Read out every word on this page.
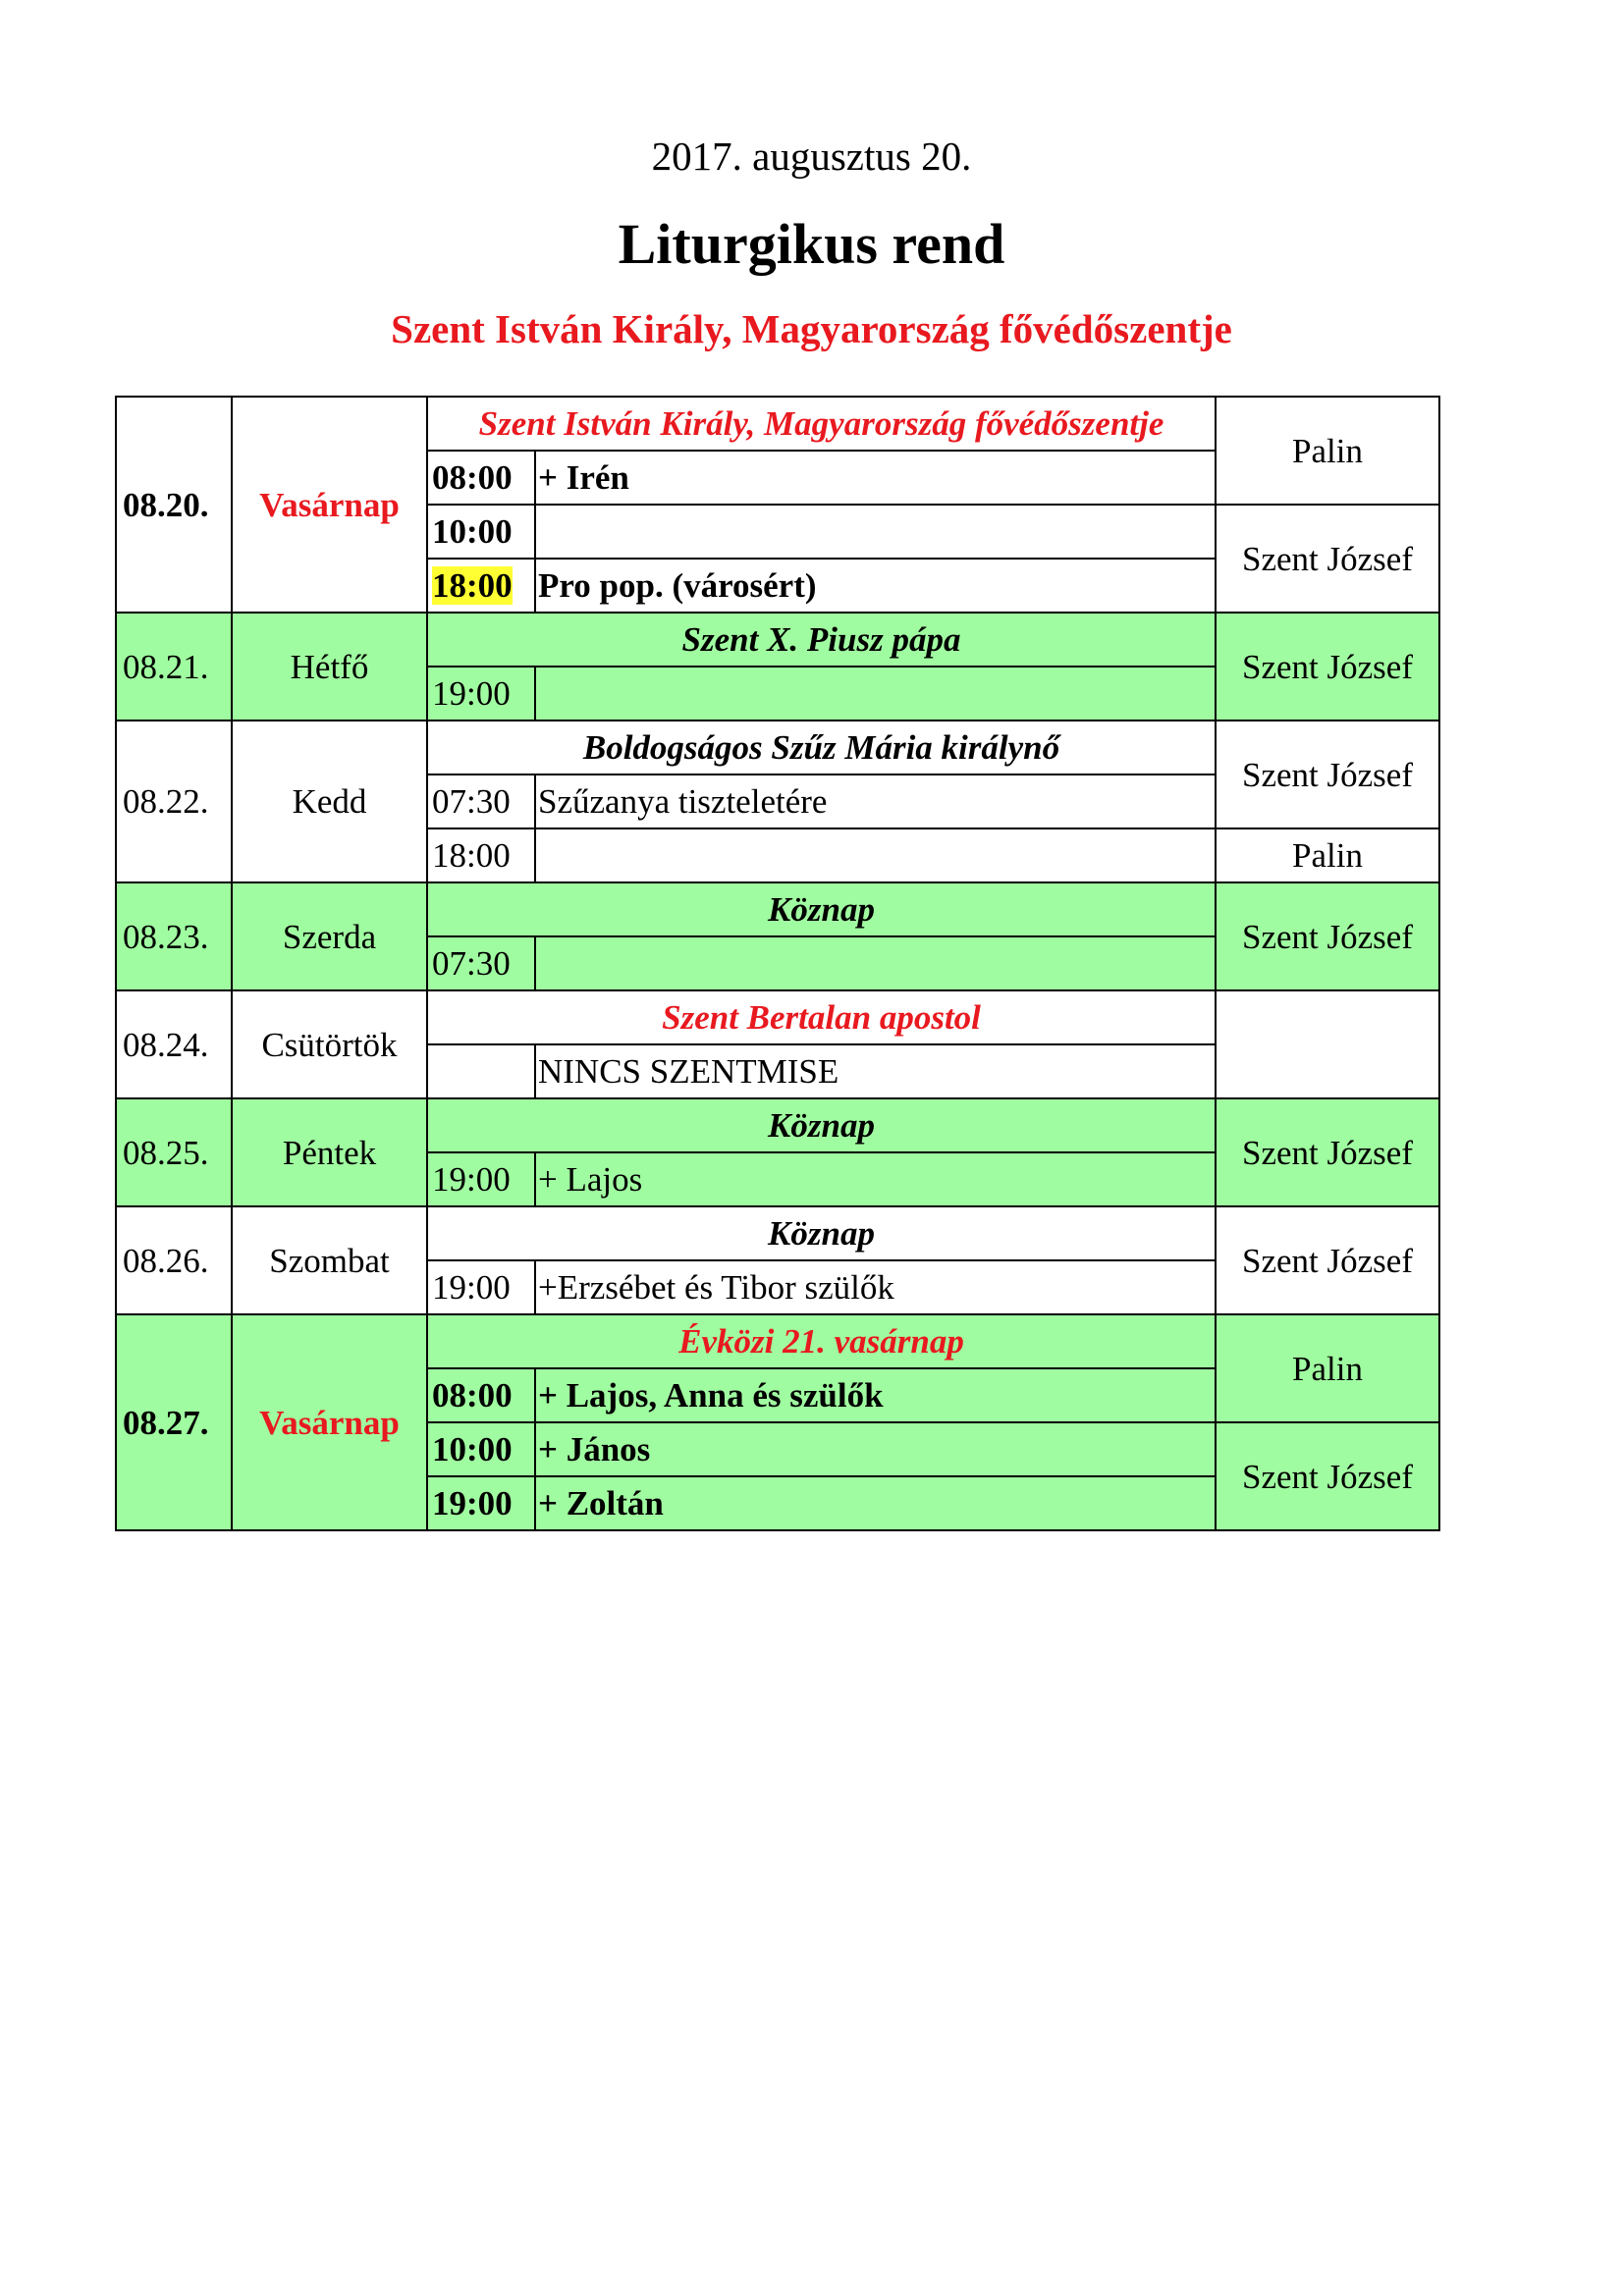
2017. augusztus 20.
Liturgikus rend
Szent István Király, Magyarország fővédőszentje
08.20.	Vasárnap	Szent István Király, Magyarország fővédőszentje		Palin
		08:00	+ Irén	
		10:00		Szent József
		18:00	Pro pop. (városért)	
08.21.	Hétfő	Szent X. Piusz pápa		Szent József
		19:00		
08.22.	Kedd	Boldogságos Szűz Mária királynő		Szent József
		07:30	Szűzanya tiszteletére	
		18:00		Palin
08.23.	Szerda	Köznap		Szent József
		07:30		
08.24.	Csütörtök	Szent Bertalan apostol		
			NINCS SZENTMISE	
08.25.	Péntek	Köznap		Szent József
		19:00	+ Lajos	
08.26.	Szombat	Köznap		Szent József
		19:00	+Erzsébet és Tibor szülők	
08.27.	Vasárnap	Évközi 21. vasárnap		Palin
		08:00	+ Lajos, Anna és szülők	
		10:00	+ János	Szent József
		19:00	+ Zoltán	
